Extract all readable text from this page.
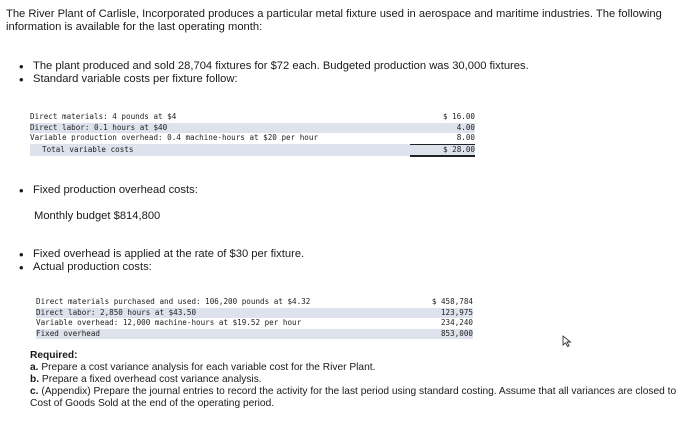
The River Plant of Carlisle, Incorporated produces a particular metal fixture used in aerospace and maritime industries. The following information is available for the last operating month:

• The plant produced and sold 28,704 fixtures for $72 each. Budgeted production was 30,000 fixtures.
• Standard variable costs per fixture follow:
Direct materials: 4 pounds at $4	$ 16.00
Direct labor: 0.1 hours at $40	4.00
Variable production overhead: 0.4 machine-hours at $20 per hour	8.00
Total variable costs	$ 28.00
• Fixed production overhead costs:

Monthly budget $814,800

• Fixed overhead is applied at the rate of $30 per fixture.
• Actual production costs:
Direct materials purchased and used: 106,200 pounds at $4.32	$ 458,784
Direct labor: 2,850 hours at $43.50	123,975
Variable overhead: 12,000 machine-hours at $19.52 per hour	234,240
Fixed overhead	853,000
Required:
a. Prepare a cost variance analysis for each variable cost for the River Plant.
b. Prepare a fixed overhead cost variance analysis.
c. (Appendix) Prepare the journal entries to record the activity for the last period using standard costing. Assume that all variances are closed to Cost of Goods Sold at the end of the operating period.
